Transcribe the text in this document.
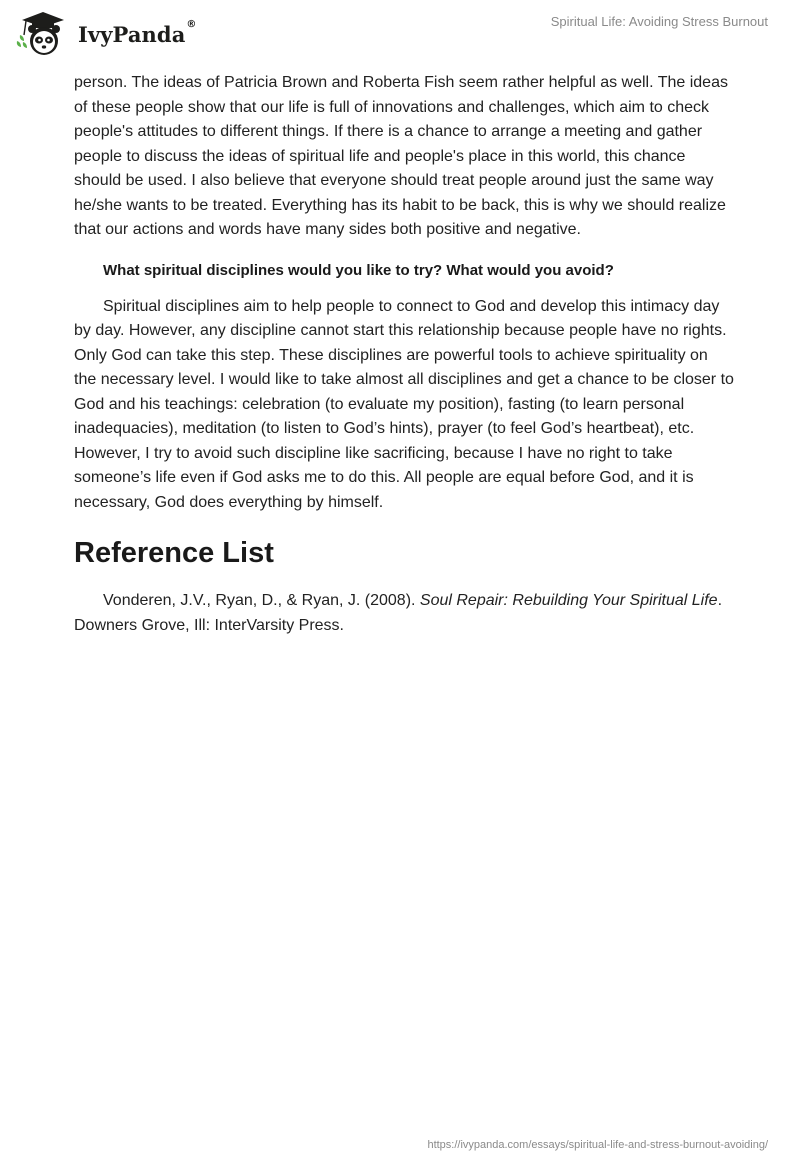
IvyPanda®	Spiritual Life: Avoiding Stress Burnout

person. The ideas of Patricia Brown and Roberta Fish seem rather helpful as well. The ideas of these people show that our life is full of innovations and challenges, which aim to check people's attitudes to different things. If there is a chance to arrange a meeting and gather people to discuss the ideas of spiritual life and people's place in this world, this chance should be used. I also believe that everyone should treat people around just the same way he/she wants to be treated. Everything has its habit to be back, this is why we should realize that our actions and words have many sides both positive and negative.

What spiritual disciplines would you like to try? What would you avoid?

Spiritual disciplines aim to help people to connect to God and develop this intimacy day by day. However, any discipline cannot start this relationship because people have no rights. Only God can take this step. These disciplines are powerful tools to achieve spirituality on the necessary level. I would like to take almost all disciplines and get a chance to be closer to God and his teachings: celebration (to evaluate my position), fasting (to learn personal inadequacies), meditation (to listen to God’s hints), prayer (to feel God’s heartbeat), etc. However, I try to avoid such discipline like sacrificing, because I have no right to take someone’s life even if God asks me to do this. All people are equal before God, and it is necessary, God does everything by himself.

Reference List

Vonderen, J.V., Ryan, D., & Ryan, J. (2008). Soul Repair: Rebuilding Your Spiritual Life. Downers Grove, Ill: InterVarsity Press.

https://ivypanda.com/essays/spiritual-life-and-stress-burnout-avoiding/
